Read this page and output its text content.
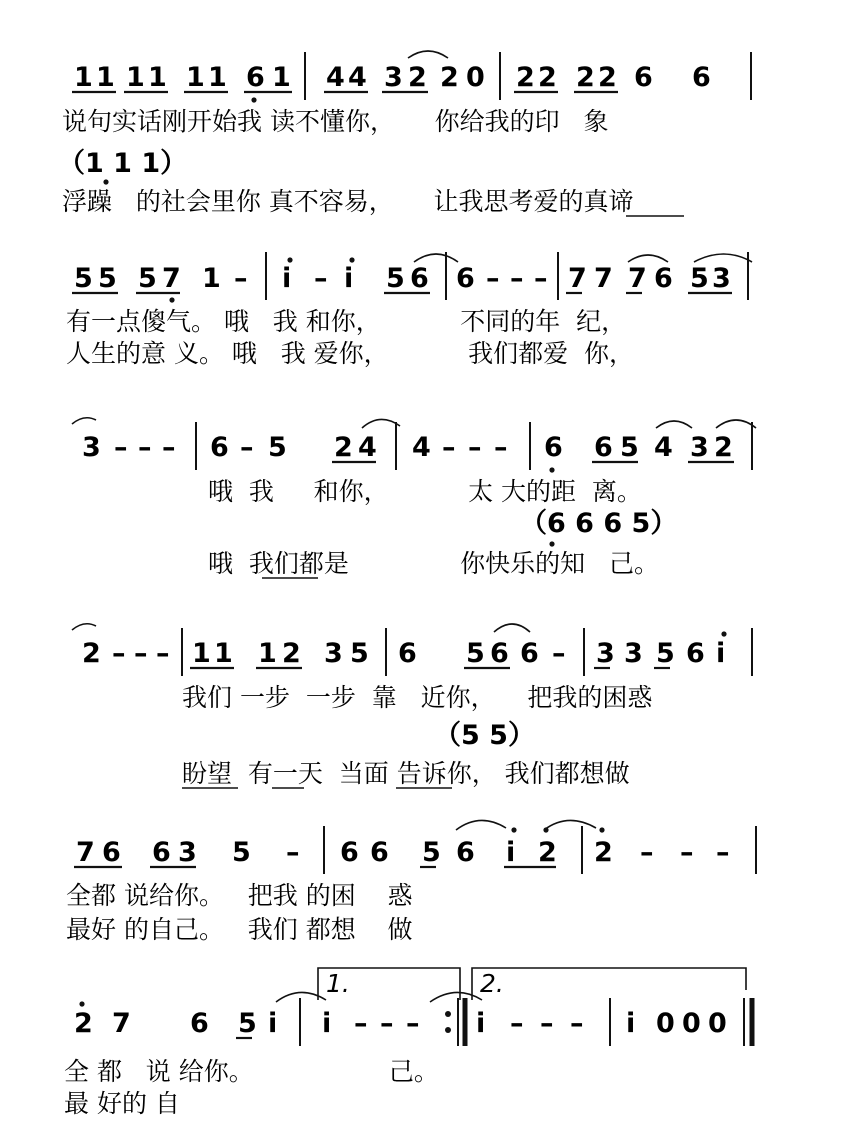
1 1 1 1 1 1 6 1 4 4 3 2 2 0 2 2 2 2 6 6
说句实话刚开始我 读不懂你，     你给我的印   象
（1 1 1）
浮躁   的社会里你 真不容易，     让我思考爱的真谛
5 5 5 7 1 – i – i 5 6 6 – – – 7 7 7 6 5 3
有一点傻气。 哦   我 和你，          不同的年  纪，
人生的意 义。 哦   我 爱你，          我们都爱  你，
3 – – – 6 – 5 2 4 4 – – – 6 6 5 4 3 2
哦  我     和你，          太 大的距  离。
（6 6 6 5）
哦  我们都是              你快乐的知   己。
2 – – – 1 1 1 2 3 5 6 5 6 6 – 3 3 5 6 i
我们 一步  一步  靠   近你，    把我的困惑
（5 5）
盼望  有一天  当面 告诉你， 我们都想做
7 6 6 3 5 – 6 6 5 6 i 2 2 – – –
全都 说给你。   把我 的困    惑
最好 的自己。   我们 都想    做
1.	2.
2 7 6 5 i i – – – i – – – i 0 0 0
全 都   说 给你。                 己。
最 好的 自
